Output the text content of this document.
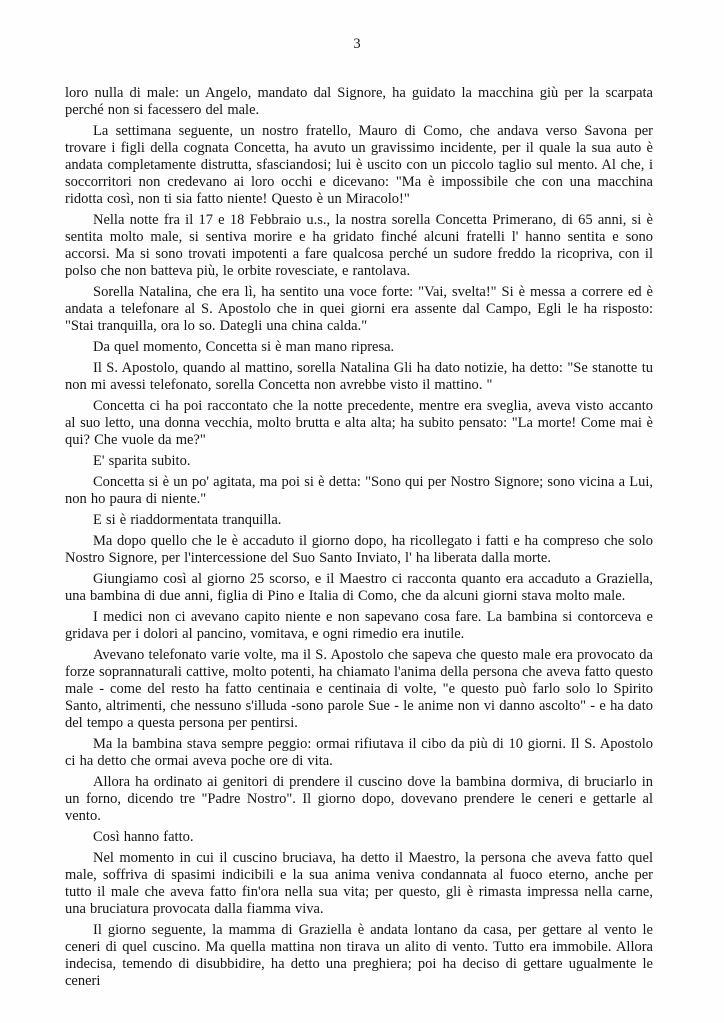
3

loro nulla di male: un Angelo, mandato dal Signore, ha guidato la macchina giù per la scarpata perché non si facessero del male.

La settimana seguente, un nostro fratello, Mauro di Como, che andava verso Savona per trovare i figli della cognata Concetta, ha avuto un gravissimo incidente, per il quale la sua auto è andata completamente distrutta, sfasciandosi; lui è uscito con un piccolo taglio sul mento. Al che, i soccorritori non credevano ai loro occhi e dicevano: "Ma è impossibile che con una macchina ridotta così, non ti sia fatto niente! Questo è un Miracolo!"

Nella notte fra il 17 e 18 Febbraio u.s., la nostra sorella Concetta Primerano, di 65 anni, si è sentita molto male, si sentiva morire e ha gridato finché alcuni fratelli l' hanno sentita e sono accorsi. Ma si sono trovati impotenti a fare qualcosa perché un sudore freddo la ricopriva, con il polso che non batteva più, le orbite rovesciate, e rantolava.

Sorella Natalina, che era lì, ha sentito una voce forte: "Vai, svelta!" Si è messa a correre ed è andata a telefonare al S. Apostolo che in quei giorni era assente dal Campo, Egli le ha risposto: "Stai tranquilla, ora lo so. Dategli una china calda."

Da quel momento, Concetta si è man mano ripresa.

Il S. Apostolo, quando al mattino, sorella Natalina Gli ha dato notizie, ha detto: "Se stanotte tu non mi avessi telefonato, sorella Concetta non avrebbe visto il mattino. "

Concetta ci ha poi raccontato che la notte precedente, mentre era sveglia, aveva visto accanto al suo letto, una donna vecchia, molto brutta e alta alta; ha subito pensato: "La morte! Come mai è qui? Che vuole da me?"

E' sparita subito.

Concetta si è un po' agitata, ma poi si è detta: "Sono qui per Nostro Signore; sono vicina a Lui, non ho paura di niente."

E si è riaddormentata tranquilla.

Ma dopo quello che le è accaduto il giorno dopo, ha ricollegato i fatti e ha compreso che solo Nostro Signore, per l'intercessione del Suo Santo Inviato, l' ha liberata dalla morte.

Giungiamo così al giorno 25 scorso, e il Maestro ci racconta quanto era accaduto a Graziella, una bambina di due anni, figlia di Pino e Italia di Como, che da alcuni giorni stava molto male.

I medici non ci avevano capito niente e non sapevano cosa fare. La bambina si contorceva e gridava per i dolori al pancino, vomitava, e ogni rimedio era inutile.

Avevano telefonato varie volte, ma il S. Apostolo che sapeva che questo male era provocato da forze soprannaturali cattive, molto potenti, ha chiamato l'anima della persona che aveva fatto questo male - come del resto ha fatto centinaia e centinaia di volte, "e questo può farlo solo lo Spirito Santo, altrimenti, che nessuno s'illuda -sono parole Sue - le anime non vi danno ascolto" - e ha dato del tempo a questa persona per pentirsi.

Ma la bambina stava sempre peggio: ormai rifiutava il cibo da più di 10 giorni. Il S. Apostolo ci ha detto che ormai aveva poche ore di vita.

Allora ha ordinato ai genitori di prendere il cuscino dove la bambina dormiva, di bruciarlo in un forno, dicendo tre "Padre Nostro". Il giorno dopo, dovevano prendere le ceneri e gettarle al vento.

Così hanno fatto.

Nel momento in cui il cuscino bruciava, ha detto il Maestro, la persona che aveva fatto quel male, soffriva di spasimi indicibili e la sua anima veniva condannata al fuoco eterno, anche per tutto il male che aveva fatto fin'ora nella sua vita; per questo, gli è rimasta impressa nella carne, una bruciatura provocata dalla fiamma viva.

Il giorno seguente, la mamma di Graziella è andata lontano da casa, per gettare al vento le ceneri di quel cuscino. Ma quella mattina non tirava un alito di vento. Tutto era immobile. Allora indecisa, temendo di disubbidire, ha detto una preghiera; poi ha deciso di gettare ugualmente le ceneri
